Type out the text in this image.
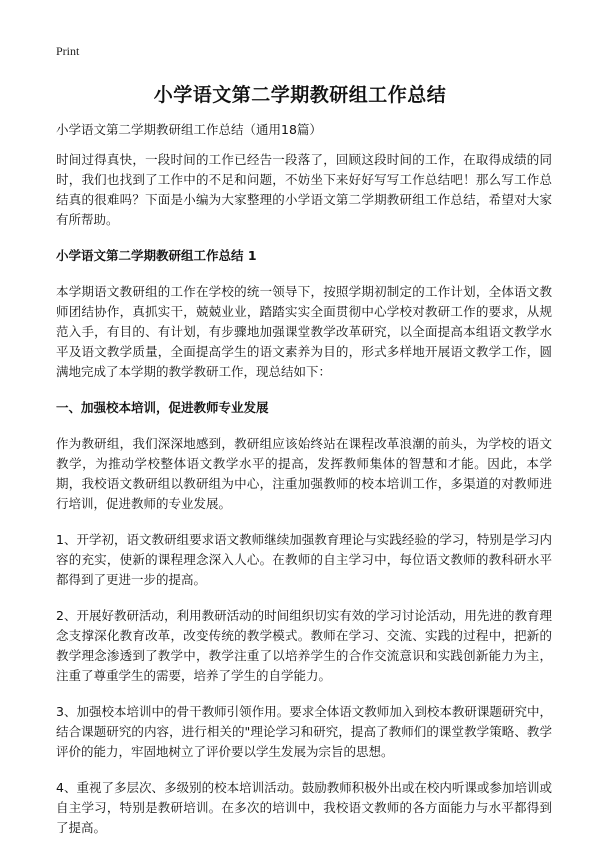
Print
小学语文第二学期教研组工作总结

小学语文第二学期教研组工作总结（通用18篇）

时间过得真快，一段时间的工作已经告一段落了，回顾这段时间的工作，在取得成绩的同时，我们也找到了工作中的不足和问题，不妨坐下来好好写写工作总结吧！那么写工作总结真的很难吗？下面是小编为大家整理的小学语文第二学期教研组工作总结，希望对大家有所帮助。

小学语文第二学期教研组工作总结 1

本学期语文教研组的工作在学校的统一领导下，按照学期初制定的工作计划，全体语文教师团结协作，真抓实干，兢兢业业，踏踏实实全面贯彻中心学校对教研工作的要求，从规范入手，有目的、有计划，有步骤地加强课堂教学改革研究，以全面提高本组语文教学水平及语文教学质量，全面提高学生的语文素养为目的，形式多样地开展语文教学工作，圆满地完成了本学期的教学教研工作，现总结如下：

一、加强校本培训，促进教师专业发展

作为教研组，我们深深地感到，教研组应该始终站在课程改革浪潮的前头，为学校的语文教学，为推动学校整体语文教学水平的提高，发挥教师集体的智慧和才能。因此，本学期，我校语文教研组以教研组为中心，注重加强教师的校本培训工作，多渠道的对教师进行培训，促进教师的专业发展。

1、开学初，语文教研组要求语文教师继续加强教育理论与实践经验的学习，特别是学习内容的充实，使新的课程理念深入人心。在教师的自主学习中，每位语文教师的教科研水平都得到了更进一步的提高。

2、开展好教研活动，利用教研活动的时间组织切实有效的学习讨论活动，用先进的教育理念支撑深化教育改革，改变传统的教学模式。教师在学习、交流、实践的过程中，把新的教学理念渗透到了教学中，教学注重了以培养学生的合作交流意识和实践创新能力为主，注重了尊重学生的需要，培养了学生的自学能力。

3、加强校本培训中的骨干教师引领作用。要求全体语文教师加入到校本教研课题研究中，结合课题研究的内容，进行相关的"理论学习和研究，提高了教师们的课堂教学策略、教学评价的能力，牢固地树立了评价要以学生发展为宗旨的思想。

4、重视了多层次、多级别的校本培训活动。鼓励教师积极外出或在校内听课或参加培训或自主学习，特别是教研培训。在多次的培训中，我校语文教师的各方面能力与水平都得到了提高。
